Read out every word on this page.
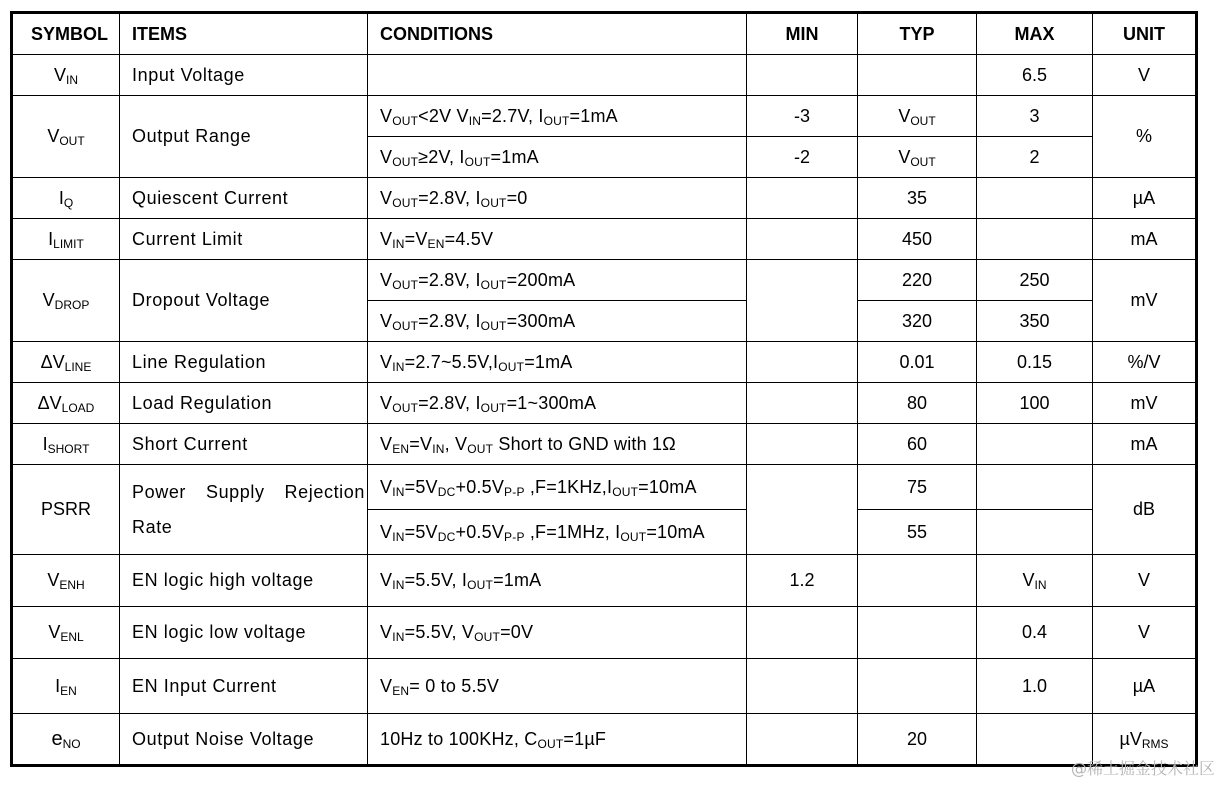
SYMBOL	ITEMS	CONDITIONS	MIN	TYP	MAX	UNIT
$V_{IN}$	Input Voltage				6.5	V
$V_{OUT}$	Output Range	$V_{OUT}<2V$ $V_{IN}=2.7V$, $I_{OUT}=1mA$	-3	$V_{OUT}$	3	%
		$V_{OUT}\ge 2V$, $I_{OUT}=1mA$	-2	$V_{OUT}$	2	
$I_Q$	Quiescent Current	$V_{OUT}=2.8V$, $I_{OUT}=0$		35		µA
$I_{LIMIT}$	Current Limit	$V_{IN}=V_{EN}=4.5V$		450		mA
$V_{DROP}$	Dropout Voltage	$V_{OUT}=2.8V$, $I_{OUT}=200mA$		220	250	mV
		$V_{OUT}=2.8V$, $I_{OUT}=300mA$		320	350	
$\Delta V_{LINE}$	Line Regulation	$V_{IN}=2.7\sim 5.5V,I_{OUT}=1mA$		0.01	0.15	%/V
$\Delta V_{LOAD}$	Load Regulation	$V_{OUT}=2.8V$, $I_{OUT}=1\sim 300mA$		80	100	mV
$I_{SHORT}$	Short Current	$V_{EN}=V_{IN}$, $V_{OUT}$ Short to GND with 1Ω		60		mA
PSRR	Power Supply Rejection Rate	$V_{IN}=5V_{DC}+0.5V_{P-P}$ $,F=1KHz,I_{OUT}=10mA$		75		dB
		$V_{IN}=5V_{DC}+0.5V_{P-P}$ ,F=1MHz, $I_{OUT}=10mA$		55		
$V_{ENH}$	EN logic high voltage	$V_{IN}=5.5V$, $I_{OUT}=1mA$	1.2		$V_{IN}$	V
$V_{ENL}$	EN logic low voltage	$V_{IN}=5.5V$, $V_{OUT}=0V$			0.4	V
$I_{EN}$	EN Input Current	$V_{EN}= 0$ to 5.5V			1.0	µA
$e_{NO}$	Output Noise Voltage	10Hz to 100KHz, $C_{OUT}=1\mu F$		20		µV$_{RMS}$
@稀土掘金技术社区
